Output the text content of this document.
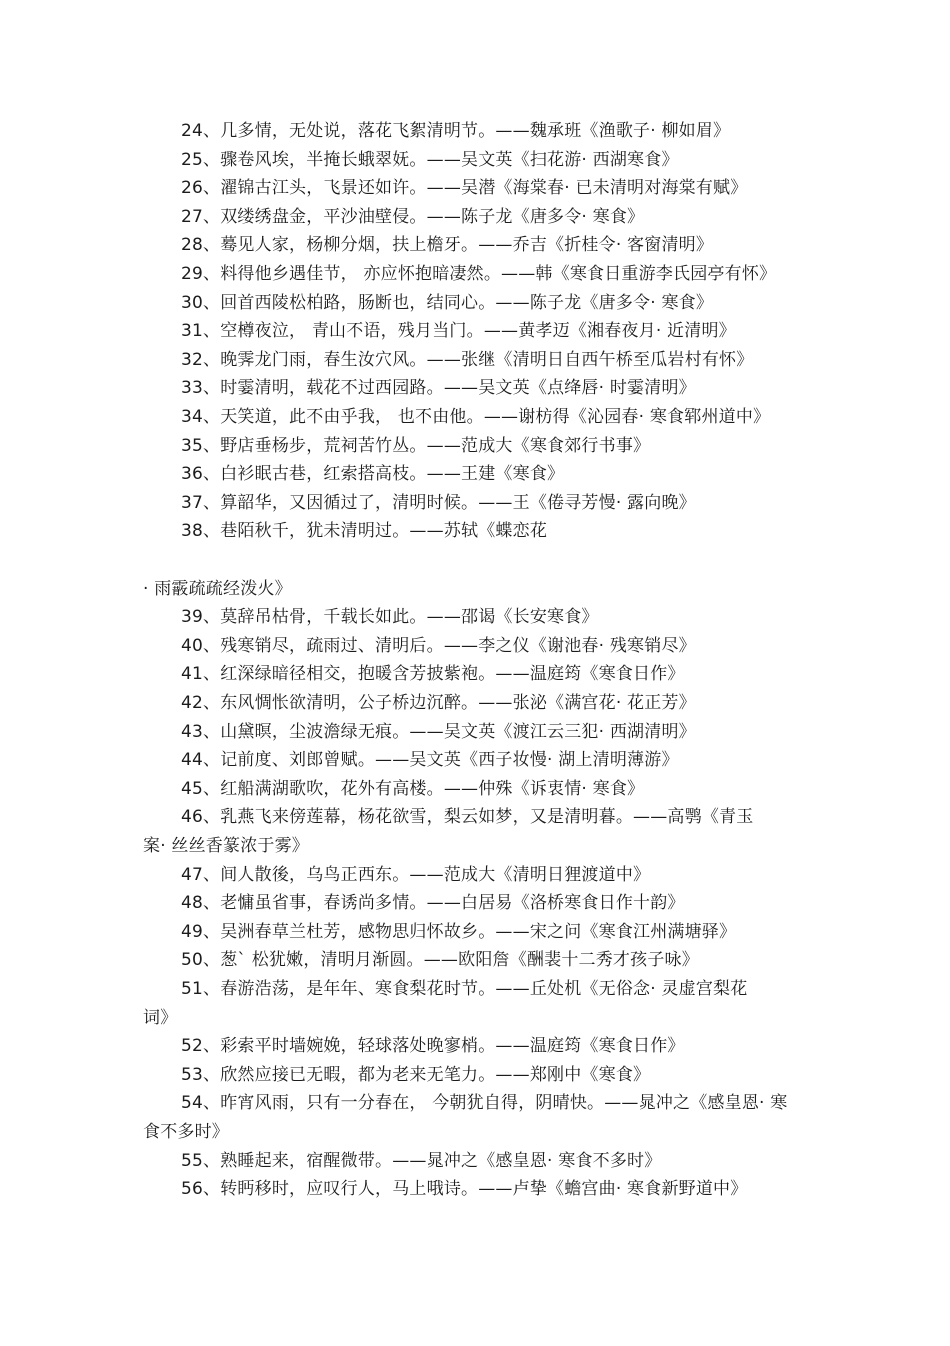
24、几多情，无处说，落花飞絮清明节。——魏承班《渔歌子· 柳如眉》
25、骤卷风埃，半掩长蛾翠妩。——吴文英《扫花游· 西湖寒食》
26、濯锦古江头，飞景还如许。——吴潜《海棠春· 已未清明对海棠有赋》
27、双缕绣盘金，平沙油壁侵。——陈子龙《唐多令· 寒食》
28、蓦见人家，杨柳分烟，扶上檐牙。——乔吉《折桂令· 客窗清明》
29、料得他乡遇佳节， 亦应怀抱暗凄然。——韩《寒食日重游李氏园亭有怀》
30、回首西陵松柏路，肠断也，结同心。——陈子龙《唐多令· 寒食》
31、空樽夜泣， 青山不语，残月当门。——黄孝迈《湘春夜月· 近清明》
32、晚霁龙门雨，春生汝穴风。——张继《清明日自西午桥至瓜岩村有怀》
33、时霎清明，载花不过西园路。——吴文英《点绛唇· 时霎清明》
34、天笑道，此不由乎我， 也不由他。——谢枋得《沁园春· 寒食郓州道中》
35、野店垂杨步，荒祠苦竹丛。——范成大《寒食郊行书事》
36、白衫眠古巷，红索搭高枝。——王建《寒食》
37、算韶华，又因循过了，清明时候。——王《倦寻芳慢· 露向晚》
38、巷陌秋千，犹未清明过。——苏轼《蝶恋花
· 雨霰疏疏经泼火》
39、莫辞吊枯骨，千载长如此。——邵谒《长安寒食》
40、残寒销尽，疏雨过、清明后。——李之仪《谢池春· 残寒销尽》
41、红深绿暗径相交，抱暖含芳披紫袍。——温庭筠《寒食日作》
42、东风惆怅欲清明，公子桥边沉醉。——张泌《满宫花· 花正芳》
43、山黛暝，尘波澹绿无痕。——吴文英《渡江云三犯· 西湖清明》
44、记前度、刘郎曾赋。——吴文英《西子妆慢· 湖上清明薄游》
45、红船满湖歌吹，花外有高楼。——仲殊《诉衷情· 寒食》
46、乳燕飞来傍莲幕，杨花欲雪，梨云如梦，又是清明暮。——高鹗《青玉
案· 丝丝香篆浓于雾》
47、间人散後，乌鸟正西东。——范成大《清明日狸渡道中》
48、老慵虽省事，春诱尚多情。——白居易《洛桥寒食日作十韵》
49、吴洲春草兰杜芳，感物思归怀故乡。——宋之问《寒食江州满塘驿》
50、葱` 松犹嫩，清明月渐圆。——欧阳詹《酬裴十二秀才孩子咏》
51、春游浩荡，是年年、寒食梨花时节。——丘处机《无俗念· 灵虚宫梨花
词》
52、彩索平时墙婉娩，轻球落处晚寥梢。——温庭筠《寒食日作》
53、欣然应接已无暇，都为老来无笔力。——郑刚中《寒食》
54、昨宵风雨，只有一分春在， 今朝犹自得，阴晴快。——晁冲之《感皇恩· 寒
食不多时》
55、熟睡起来，宿醒微带。——晁冲之《感皇恩· 寒食不多时》
56、转眄移时，应叹行人，马上哦诗。——卢挚《蟾宫曲· 寒食新野道中》
